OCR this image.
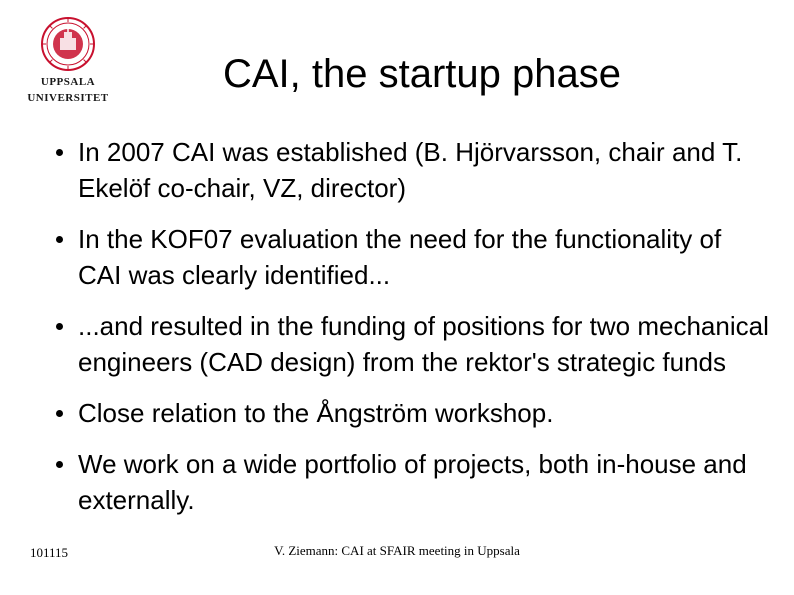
UPPSALA
UNIVERSITET
CAI, the startup phase
In 2007 CAI was established (B. Hjörvarsson, chair and T. Ekelöf co-chair, VZ, director)
In the KOF07 evaluation the need for the functionality of CAI was clearly identified...
...and resulted in the funding of positions for two mechanical engineers (CAD design) from the rektor's strategic funds
Close relation to the Ångström workshop.
We work on a wide portfolio of projects, both in-house and externally.
101115	V. Ziemann: CAI at SFAIR meeting in Uppsala
